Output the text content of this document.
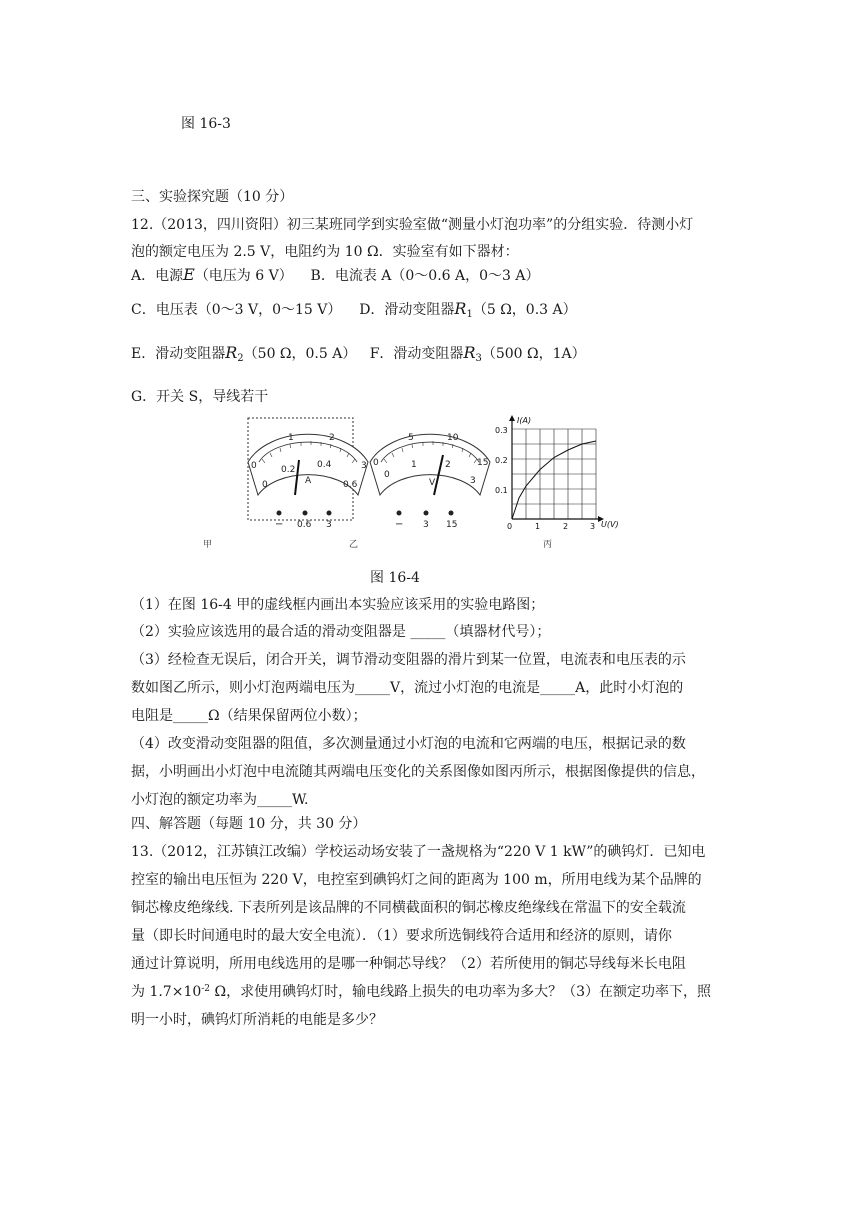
图 16-3
三、实验探究题（10 分）
12.（2013，四川资阳）初三某班同学到实验室做“测量小灯泡功率”的分组实验．待测小灯
泡的额定电压为 2.5 V，电阻约为 10 Ω．实验室有如下器材：
A．电源E（电压为 6 V） B．电流表 A（0～0.6 A，0～3 A）
C．电压表（0～3 V，0～15 V） D．滑动变阻器$R_1(5$ Ω，0.3 A）
E．滑动变阻器$R_2(50$ Ω，0.5 A） F．滑动变阻器$R_3(500$ Ω，1A）
G．开关 S，导线若干
甲
1	2
0	3
0
0.2 0.4
0.6
A
− 0.6 3
乙
0
5	10
15
0
1	2
3
V
− 3 15
I(A)
U(V)
0.3
0.2
0.1
0	1	2	3
丙
图 16-4
（1）在图 16-4 甲的虚线框内画出本实验应该采用的实验电路图；
（2）实验应该选用的最合适的滑动变阻器是 _____（填器材代号）；
（3）经检查无误后，闭合开关，调节滑动变阻器的滑片到某一位置，电流表和电压表的示
数如图乙所示，则小灯泡两端电压为_____V，流过小灯泡的电流是_____A，此时小灯泡的
电阻是_____Ω（结果保留两位小数）；
（4）改变滑动变阻器的阻值，多次测量通过小灯泡的电流和它两端的电压，根据记录的数
据，小明画出小灯泡中电流随其两端电压变化的关系图像如图丙所示，根据图像提供的信息，
小灯泡的额定功率为_____W.
四、解答题（每题 10 分，共 30 分）
13.（2012，江苏镇江改编）学校运动场安装了一盏规格为“220 V 1 kW”的碘钨灯．已知电
控室的输出电压恒为 220 V，电控室到碘钨灯之间的距离为 100 m，所用电线为某个品牌的
铜芯橡皮绝缘线. 下表所列是该品牌的不同横截面积的铜芯橡皮绝缘线在常温下的安全载流
量（即长时间通电时的最大安全电流）．（1）要求所选铜线符合适用和经济的原则，请你
通过计算说明，所用电线选用的是哪一种铜芯导线？（2）若所使用的铜芯导线每米长电阻
为 $1.7\times 10^{-2}$ Ω，求使用碘钨灯时，输电线路上损失的电功率为多大？（3）在额定功率下，照
明一小时，碘钨灯所消耗的电能是多少？
